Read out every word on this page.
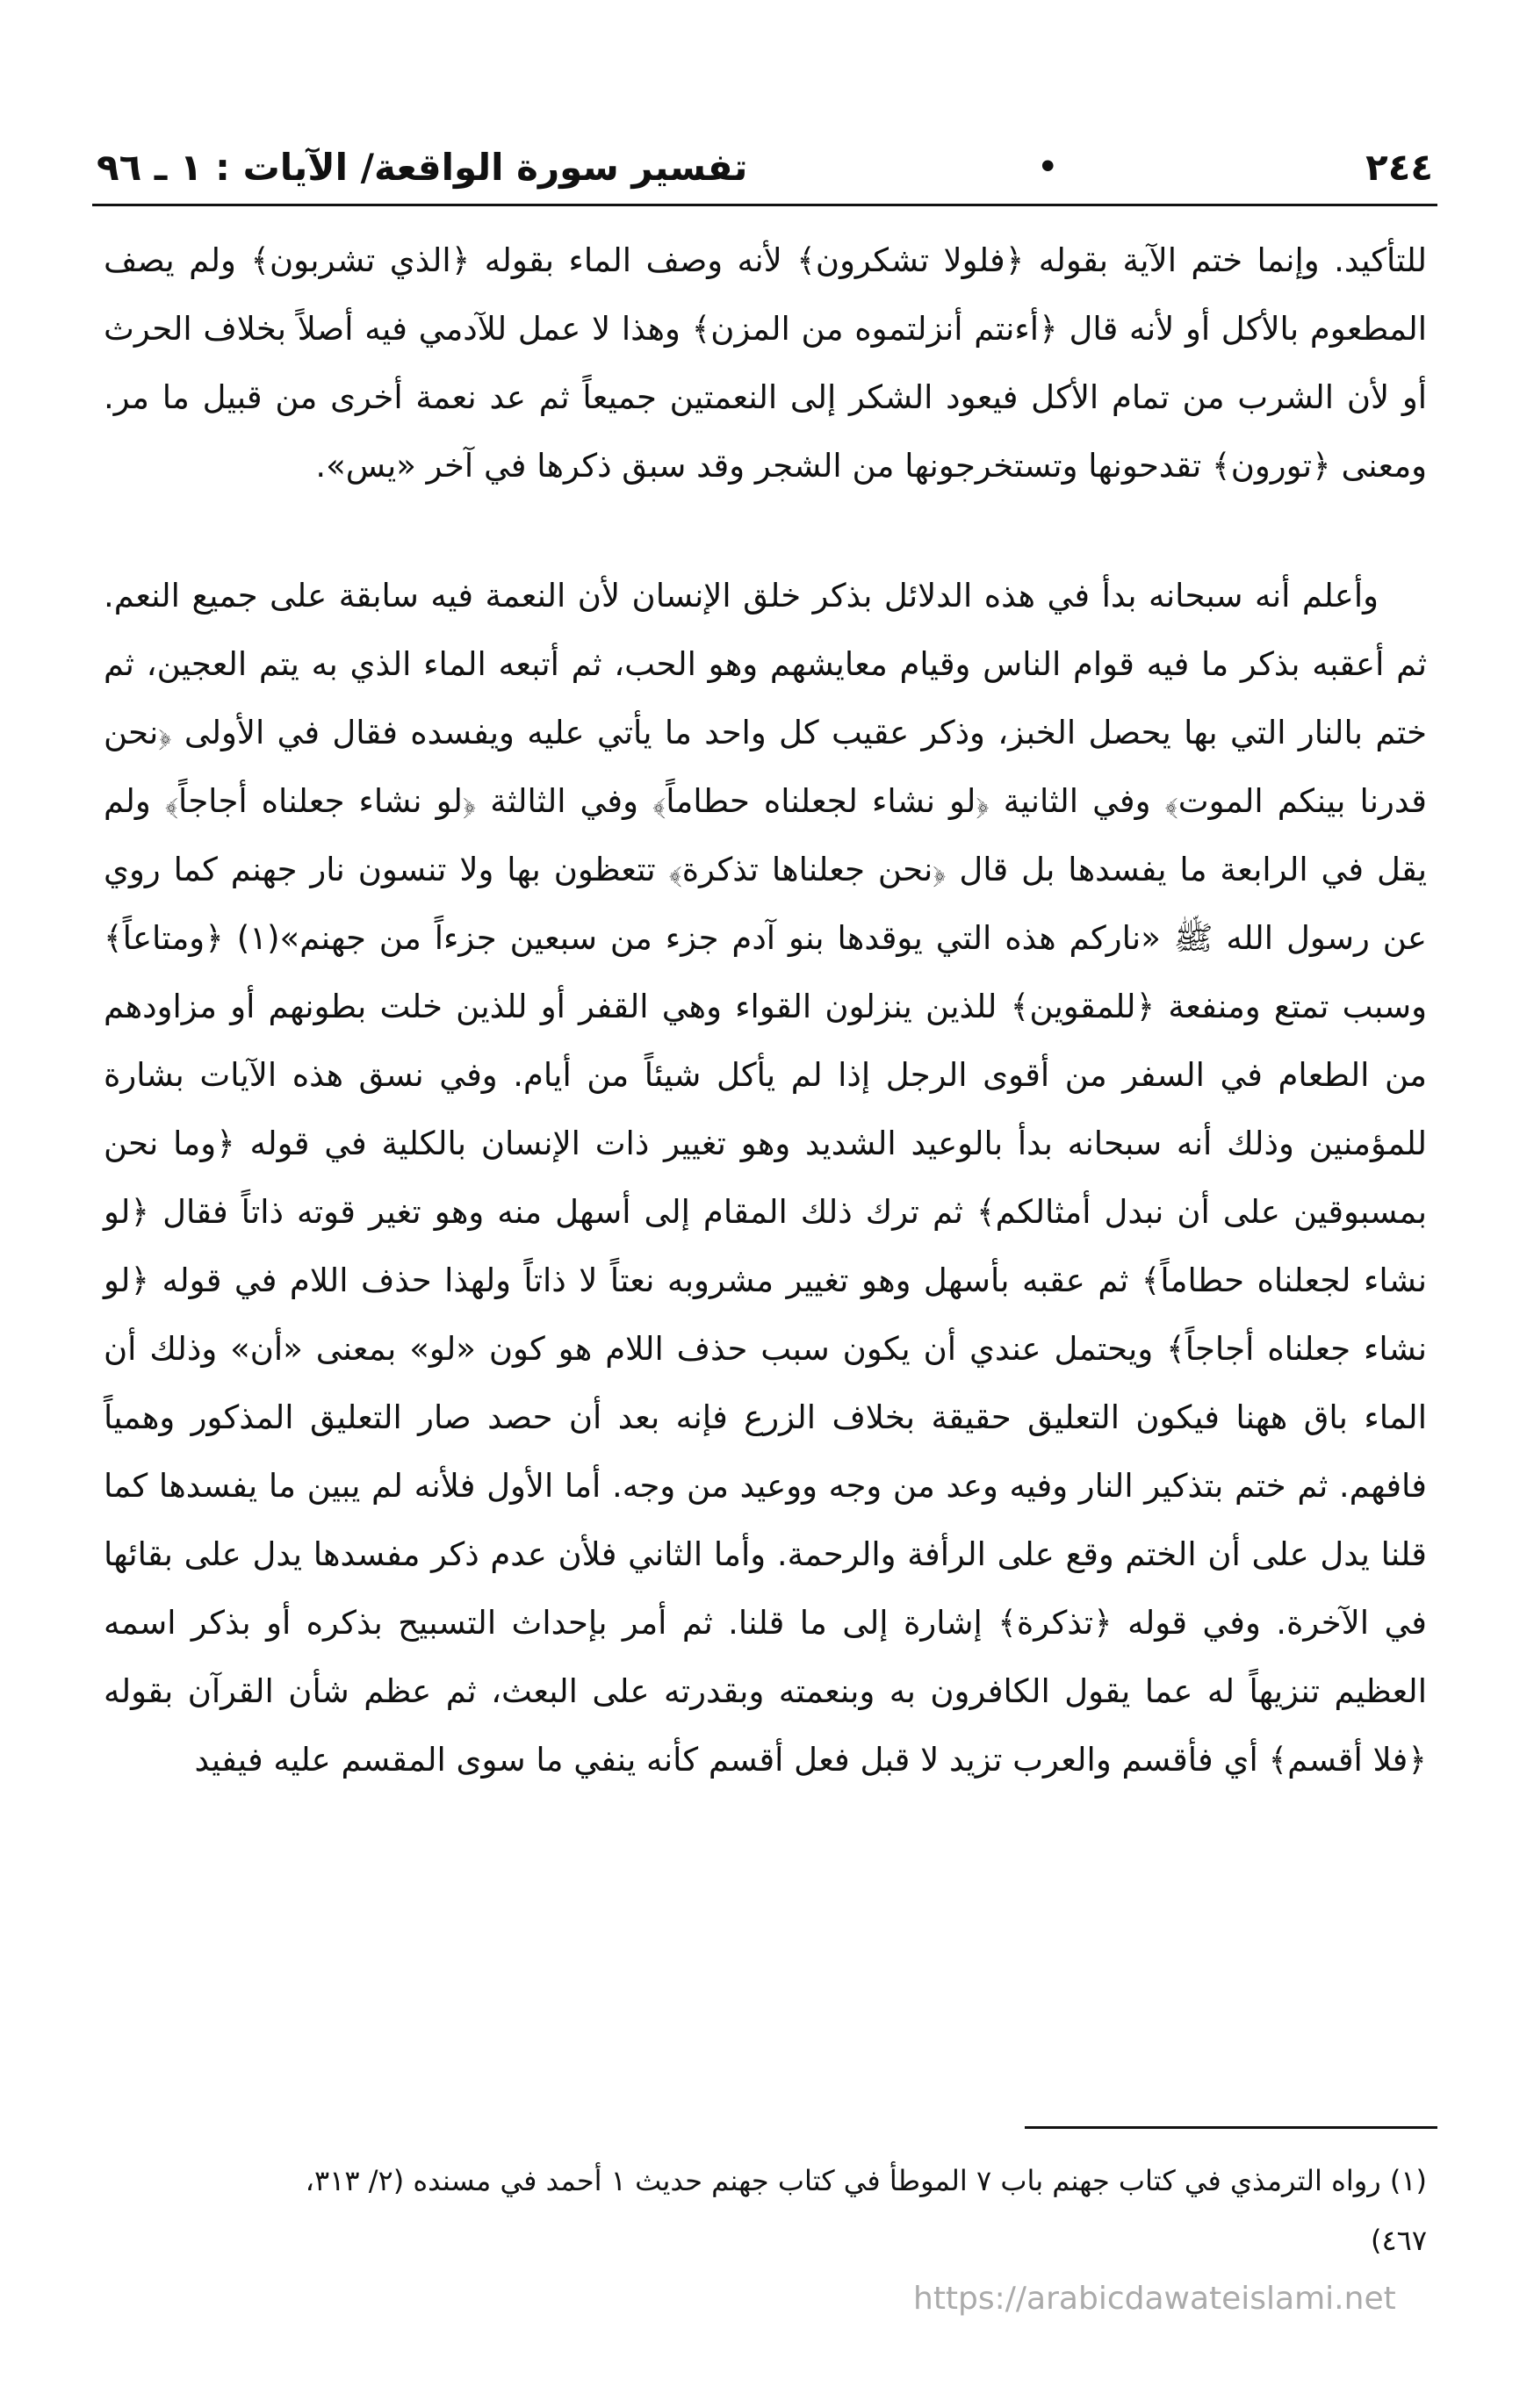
٢٤٤
•
تفسير سورة الواقعة/ الآيات : ١ ـ ٩٦

للتأكيد. وإنما ختم الآية بقوله ﴿فلولا تشكرون﴾ لأنه وصف الماء بقوله ﴿الذي تشربون﴾ ولم يصف المطعوم بالأكل أو لأنه قال ﴿أءنتم أنزلتموه من المزن﴾ وهذا لا عمل للآدمي فيه أصلاً بخلاف الحرث أو لأن الشرب من تمام الأكل فيعود الشكر إلى النعمتين جميعاً ثم عد نعمة أخرى من قبيل ما مر. ومعنى ﴿تورون﴾ تقدحونها وتستخرجونها من الشجر وقد سبق ذكرها في آخر «يس».

وأعلم أنه سبحانه بدأ في هذه الدلائل بذكر خلق الإنسان لأن النعمة فيه سابقة على جميع النعم. ثم أعقبه بذكر ما فيه قوام الناس وقيام معايشهم وهو الحب، ثم أتبعه الماء الذي به يتم العجين، ثم ختم بالنار التي بها يحصل الخبز، وذكر عقيب كل واحد ما يأتي عليه ويفسده فقال في الأولى ﴿نحن قدرنا بينكم الموت﴾ وفي الثانية ﴿لو نشاء لجعلناه حطاماً﴾ وفي الثالثة ﴿لو نشاء جعلناه أجاجاً﴾ ولم يقل في الرابعة ما يفسدها بل قال ﴿نحن جعلناها تذكرة﴾ تتعظون بها ولا تنسون نار جهنم كما روي عن رسول الله ﷺ «ناركم هذه التي يوقدها بنو آدم جزء من سبعين جزءاً من جهنم»(١) ﴿ومتاعاً﴾ وسبب تمتع ومنفعة ﴿للمقوين﴾ للذين ينزلون القواء وهي القفر أو للذين خلت بطونهم أو مزاودهم من الطعام في السفر من أقوى الرجل إذا لم يأكل شيئاً من أيام. وفي نسق هذه الآيات بشارة للمؤمنين وذلك أنه سبحانه بدأ بالوعيد الشديد وهو تغيير ذات الإنسان بالكلية في قوله ﴿وما نحن بمسبوقين على أن نبدل أمثالكم﴾ ثم ترك ذلك المقام إلى أسهل منه وهو تغير قوته ذاتاً فقال ﴿لو نشاء لجعلناه حطاماً﴾ ثم عقبه بأسهل وهو تغيير مشروبه نعتاً لا ذاتاً ولهذا حذف اللام في قوله ﴿لو نشاء جعلناه أجاجاً﴾ ويحتمل عندي أن يكون سبب حذف اللام هو كون «لو» بمعنى «أن» وذلك أن الماء باق ههنا فيكون التعليق حقيقة بخلاف الزرع فإنه بعد أن حصد صار التعليق المذكور وهمياً فافهم. ثم ختم بتذكير النار وفيه وعد من وجه ووعيد من وجه. أما الأول فلأنه لم يبين ما يفسدها كما قلنا يدل على أن الختم وقع على الرأفة والرحمة. وأما الثاني فلأن عدم ذكر مفسدها يدل على بقائها في الآخرة. وفي قوله ﴿تذكرة﴾ إشارة إلى ما قلنا. ثم أمر بإحداث التسبيح بذكره أو بذكر اسمه العظيم تنزيهاً له عما يقول الكافرون به وبنعمته وبقدرته على البعث، ثم عظم شأن القرآن بقوله ﴿فلا أقسم﴾ أي فأقسم والعرب تزيد لا قبل فعل أقسم كأنه ينفي ما سوى المقسم عليه فيفيد

(١) رواه الترمذي في كتاب جهنم باب ٧ الموطأ في كتاب جهنم حديث ١ أحمد في مسنده (٢/ ٣١٣،

٤٦٧)

https://arabicdawateislami.net
